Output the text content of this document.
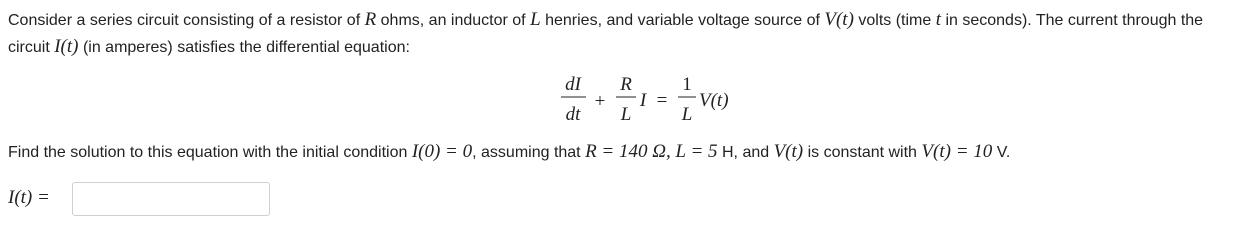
Consider a series circuit consisting of a resistor of R ohms, an inductor of L henries, and variable voltage source of V(t) volts (time t in seconds). The current through the circuit I(t) (in amperes) satisfies the differential equation:

dI
dt
+
R
L
I =
1
L
V(t)

Find the solution to this equation with the initial condition I(0) = 0, assuming that R = 140 Ω, L = 5 H, and V(t) is constant with V(t) = 10 V.

I(t) =
